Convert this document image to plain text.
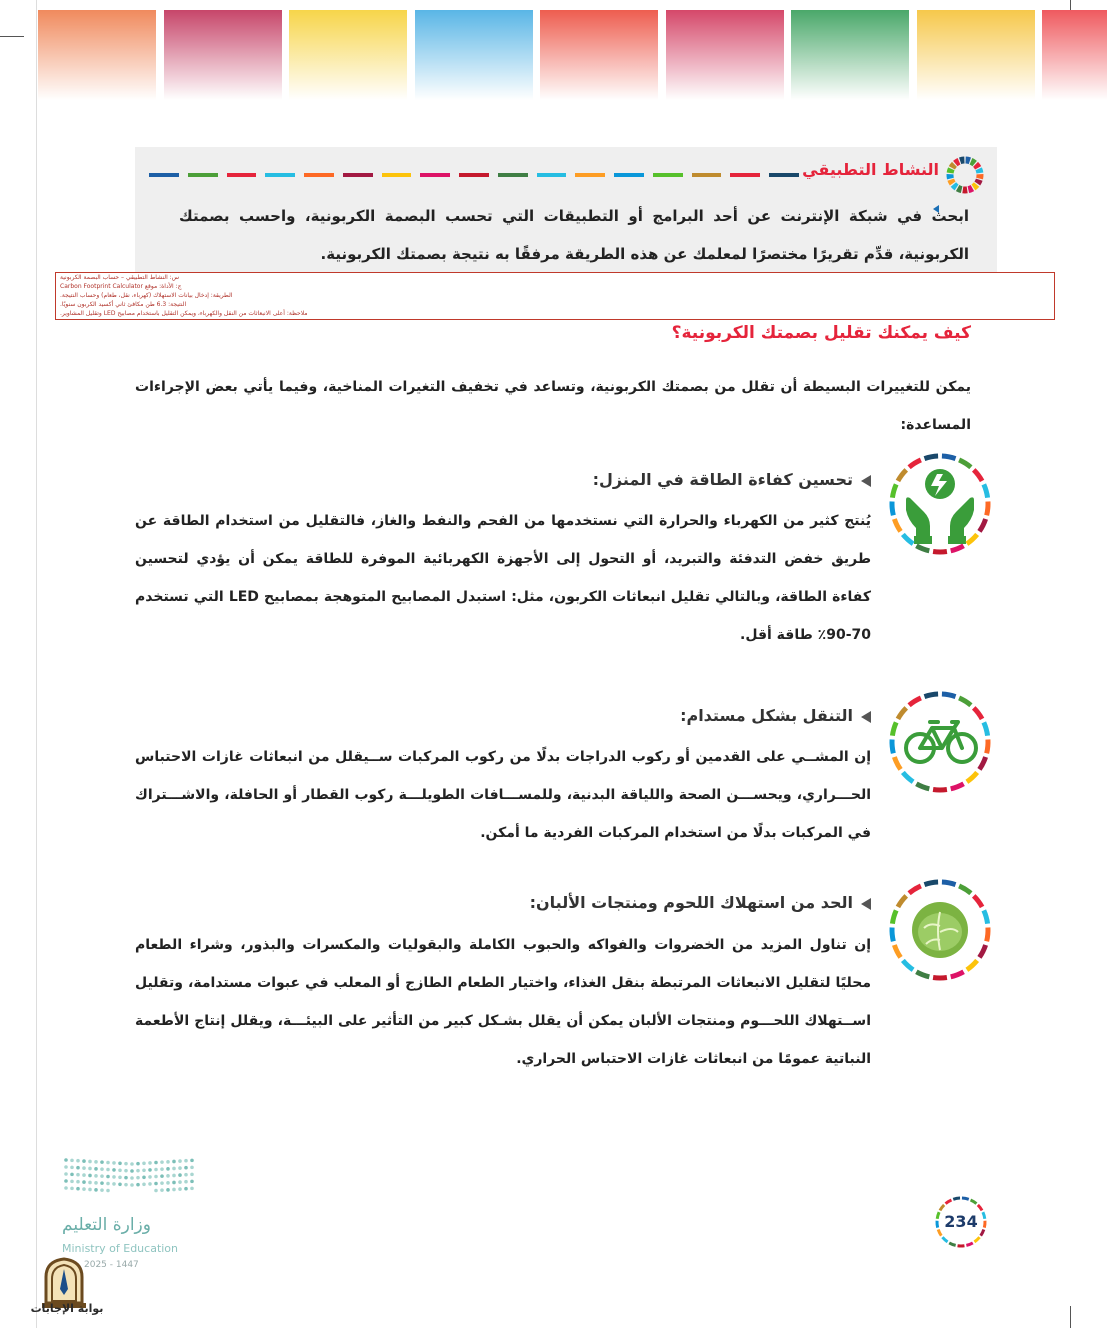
النشاط التطبيقي
ابحث في شبكة الإنترنت عن أحد البرامج أو التطبيقات التي تحسب البصمة الكربونية، واحسب بصمتك الكربونية، قدِّم تقريرًا مختصرًا لمعلمك عن هذه الطريقة مرفقًا به نتيجة بصمتك الكربونية.
س: النشاط التطبيقي – حساب البصمة الكربونية
ج: الأداة: موقع Carbon Footprint Calculator
الطريقة: إدخال بيانات الاستهلاك (كهرباء، نقل، طعام) وحساب النتيجة.
النتيجة: 6.3 طن مكافئ ثاني أكسيد الكربون سنويًا.
ملاحظة: أعلى الانبعاثات من النقل والكهرباء، ويمكن التقليل باستخدام مصابيح LED وتقليل المشاوير.
كيف يمكنك تقليل بصمتك الكربونية؟
يمكن للتغييرات البسيطة أن تقلل من بصمتك الكربونية، وتساعد في تخفيف التغيرات المناخية، وفيما يأتي بعض الإجراءات المساعدة:
تحسين كفاءة الطاقة في المنزل:
يُنتج كثير من الكهرباء والحرارة التي نستخدمها من الفحم والنفط والغاز، فالتقليل من استخدام الطاقة عن طريق خفض التدفئة والتبريد، أو التحول إلى الأجهزة الكهربائية الموفرة للطاقة يمكن أن يؤدي لتحسين كفاءة الطاقة، وبالتالي تقليل انبعاثات الكربون، مثل: استبدل المصابيح المتوهجة بمصابيح LED التي تستخدم 70-90٪ طاقة أقل.
التنقل بشكل مستدام:
إن المشــي على القدمين أو ركوب الدراجات بدلًا من ركوب المركبات ســيقلل من انبعاثات غازات الاحتباس الحـــراري، ويحســـن الصحة واللياقة البدنية، وللمســـافات الطويلـــة ركوب القطار أو الحافلة، والاشـــتراك في المركبات بدلًا من استخدام المركبات الفردية ما أمكن.
الحد من استهلاك اللحوم ومنتجات الألبان:
إن تناول المزيد من الخضروات والفواكه والحبوب الكاملة والبقوليات والمكسرات والبذور، وشراء الطعام محليًا لتقليل الانبعاثات المرتبطة بنقل الغذاء، واختيار الطعام الطازج أو المعلب في عبوات مستدامة، وتقليل اســتهلاك اللحـــوم ومنتجات الألبان يمكن أن يقلل بشـكل كبير من التأثير على البيئـــة، ويقلل إنتاج الأطعمة النباتية عمومًا من انبعاثات غازات الاحتباس الحراري.
وزارة التعليم
Ministry of Education
2025 - 1447
234
بوابة الإجابات
